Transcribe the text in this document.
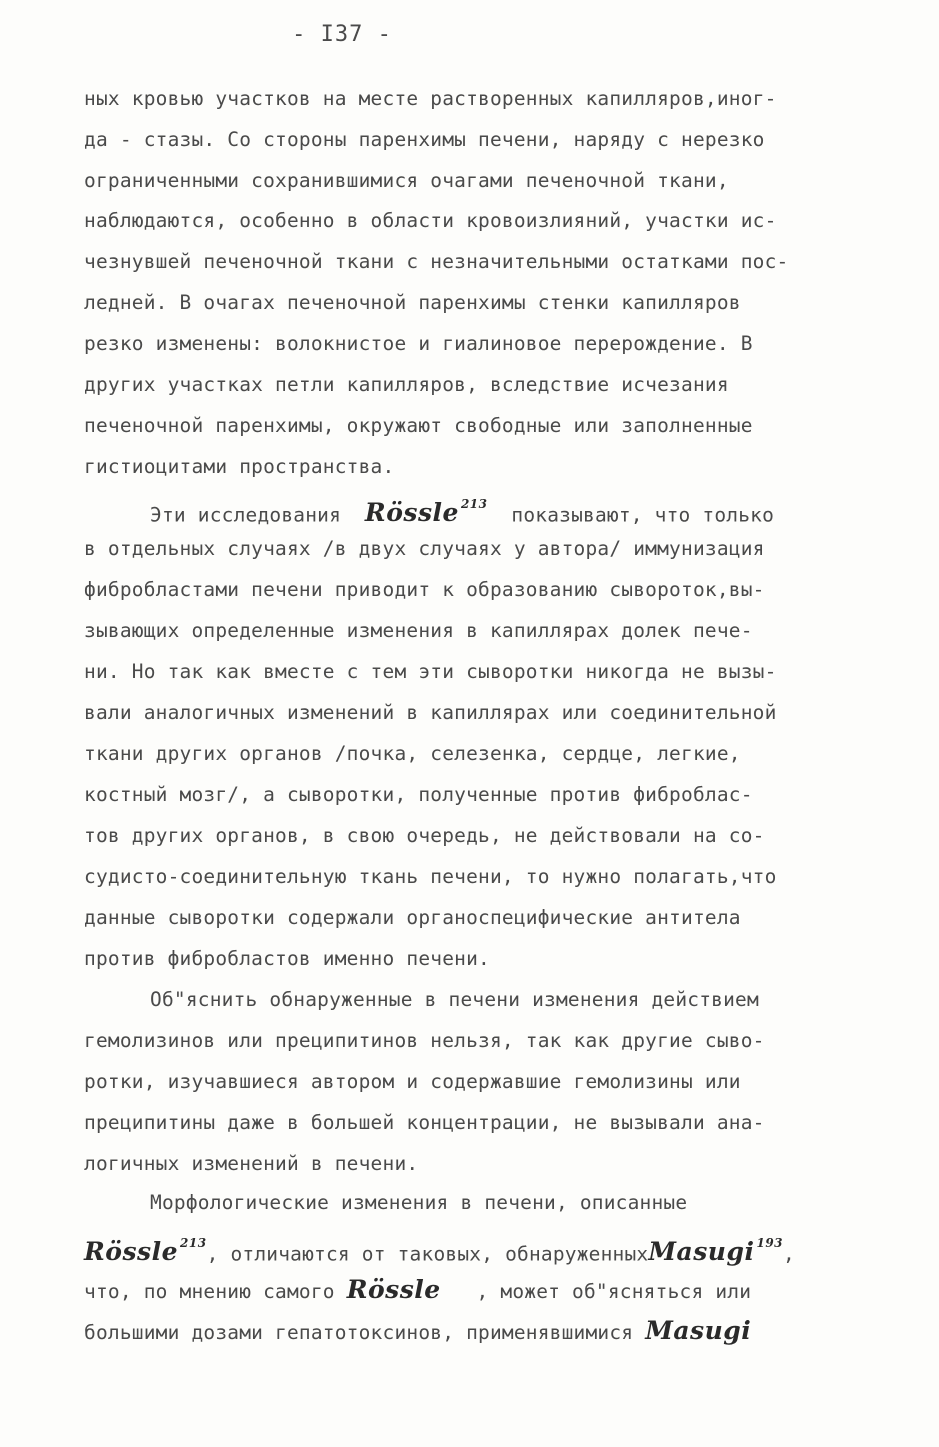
- I37 -
ных кровью участков на месте растворенных капилляров,иног-
да - стазы. Со стороны паренхимы печени, наряду с нерезко
ограниченными сохранившимися очагами печеночной ткани,
наблюдаются, особенно в области кровоизлияний, участки ис-
чезнувшей печеночной ткани с незначительными остатками пос-
ледней. В очагах печеночной паренхимы стенки капилляров
резко изменены: волокнистое и гиалиновое перерождение. В
других участках петли капилляров, вследствие исчезания
печеночной паренхимы, окружают свободные или заполненные
гистиоцитами пространства.
Эти исследования  Rössle $^{213}$  показывают, что только
в отдельных случаях /в двух случаях у автора/ иммунизация
фибробластами печени приводит к образованию сывороток,вы-
зывающих определенные изменения в капиллярах долек пече-
ни. Но так как вместе с тем эти сыворотки никогда не вызы-
вали аналогичных изменений в капиллярах или соединительной
ткани других органов /почка, селезенка, сердце, легкие,
костный мозг/, а сыворотки, полученные против фиброблас-
тов других органов, в свою очередь, не действовали на со-
судисто-соединительную ткань печени, то нужно полагать,что
данные сыворотки содержали органоспецифические антитела
против фибробластов именно печени.
Об"яснить обнаруженные в печени изменения действием
гемолизинов или преципитинов нельзя, так как другие сыво-
ротки, изучавшиеся автором и содержавшие гемолизины или
преципитины даже в большей концентрации, не вызывали ана-
логичных изменений в печени.
Морфологические изменения в печени, описанные
Rössle $^{213}$, отличаются от таковых, обнаруженныхMasugi $^{193}$,
что, по мнению самого Rössle   , может об"ясняться или
большими дозами гепатотоксинов, применявшимися Masugi
